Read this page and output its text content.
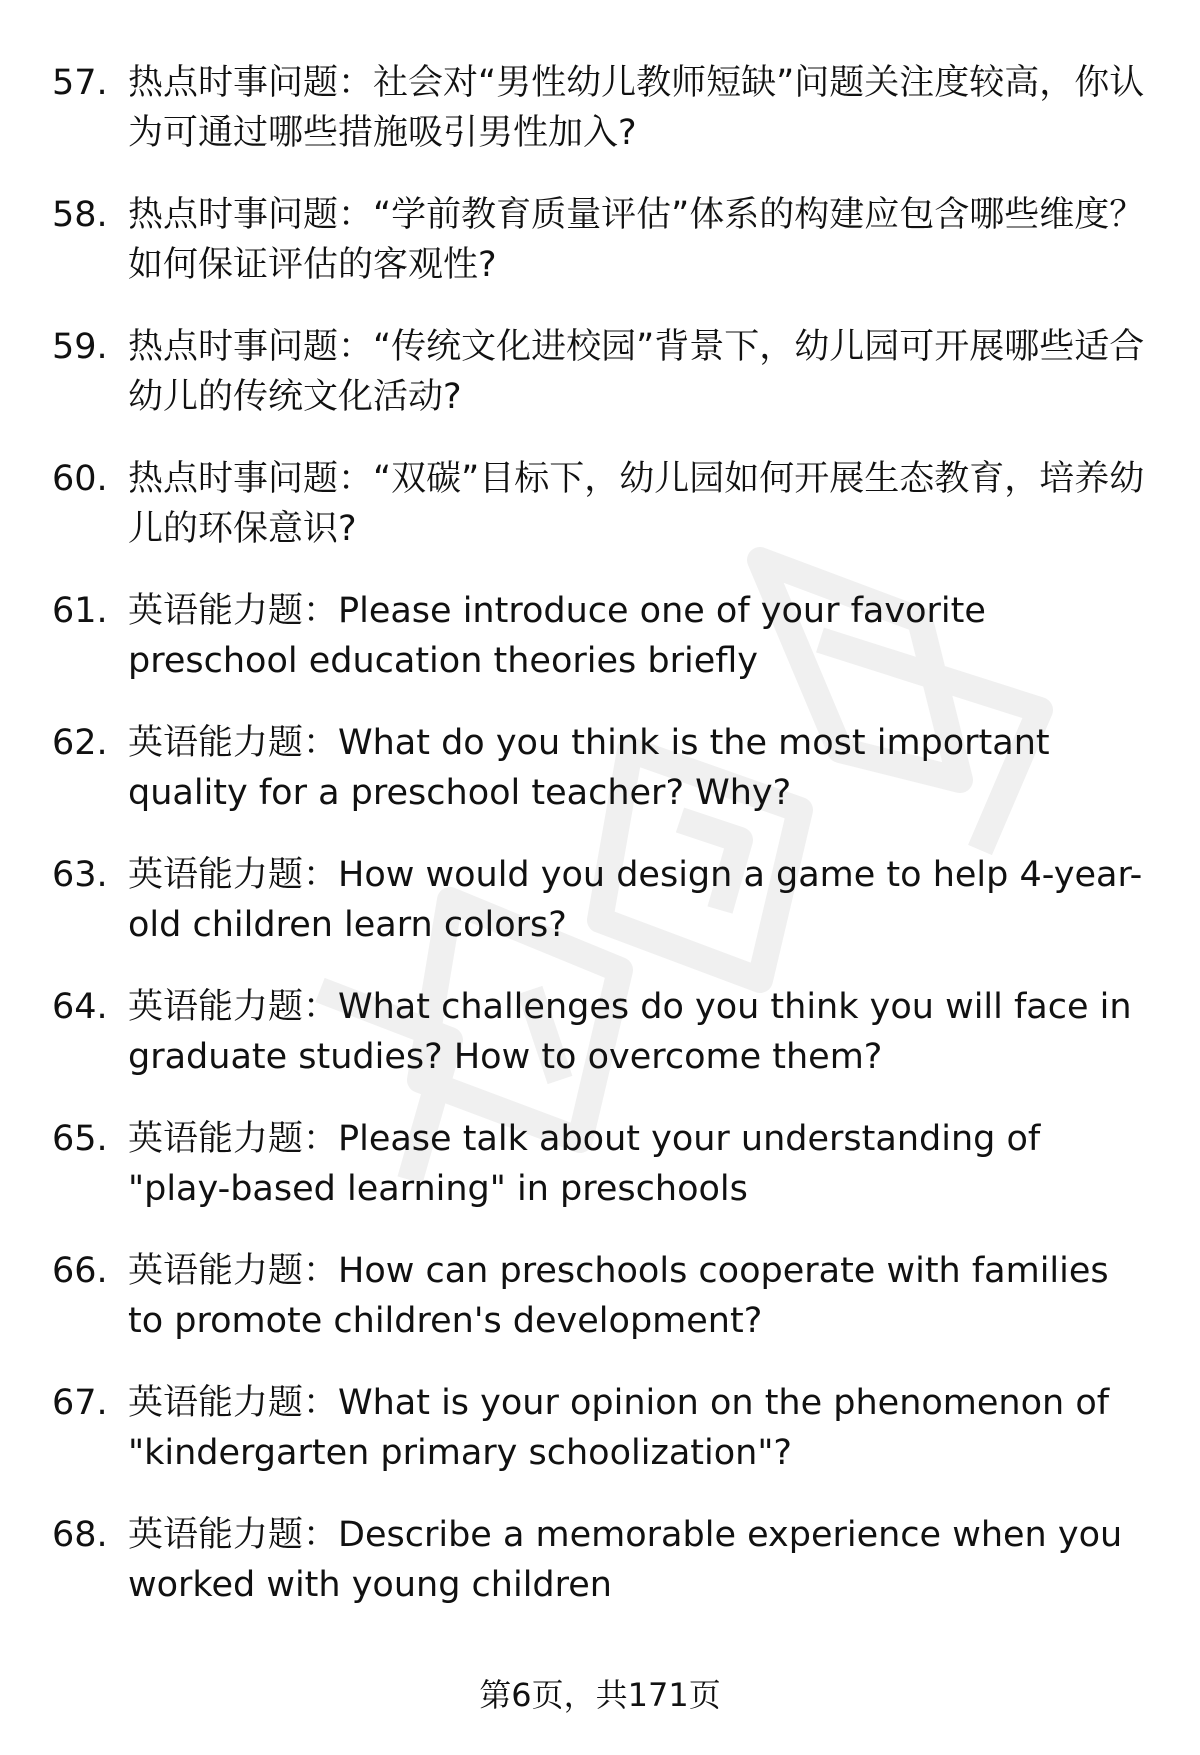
57. 热点时事问题：社会对“男性幼儿教师短缺”问题关注度较高，你认为可通过哪些措施吸引男性加入?
58. 热点时事问题：“学前教育质量评估”体系的构建应包含哪些维度？如何保证评估的客观性?
59. 热点时事问题：“传统文化进校园”背景下，幼儿园可开展哪些适合幼儿的传统文化活动?
60. 热点时事问题：“双碳”目标下，幼儿园如何开展生态教育，培养幼儿的环保意识?
61. 英语能力题：Please introduce one of your favorite preschool education theories briefly
62. 英语能力题：What do you think is the most important quality for a preschool teacher? Why?
63. 英语能力题：How would you design a game to help 4-year-old children learn colors?
64. 英语能力题：What challenges do you think you will face in graduate studies? How to overcome them?
65. 英语能力题：Please talk about your understanding of "play-based learning" in preschools
66. 英语能力题：How can preschools cooperate with families to promote children's development?
67. 英语能力题：What is your opinion on the phenomenon of "kindergarten primary schoolization"?
68. 英语能力题：Describe a memorable experience when you worked with young children
第6页，共171页
